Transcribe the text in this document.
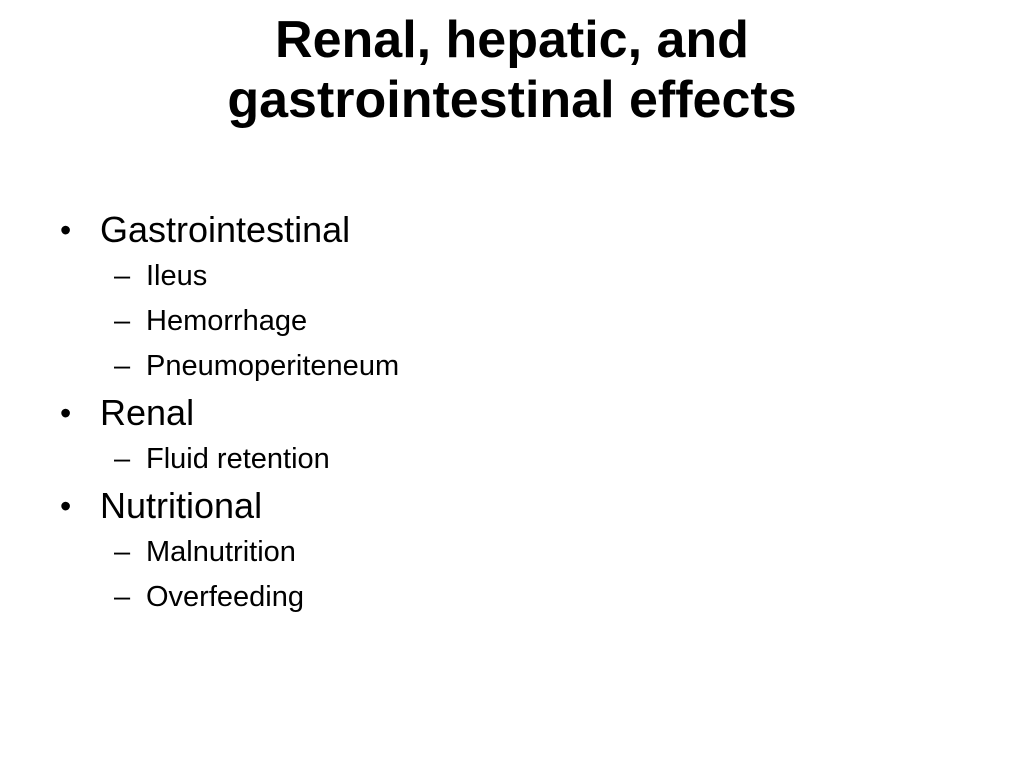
Renal, hepatic, and
gastrointestinal effects
• Gastrointestinal
– Ileus
– Hemorrhage
– Pneumoperiteneum
• Renal
– Fluid retention
• Nutritional
– Malnutrition
– Overfeeding
